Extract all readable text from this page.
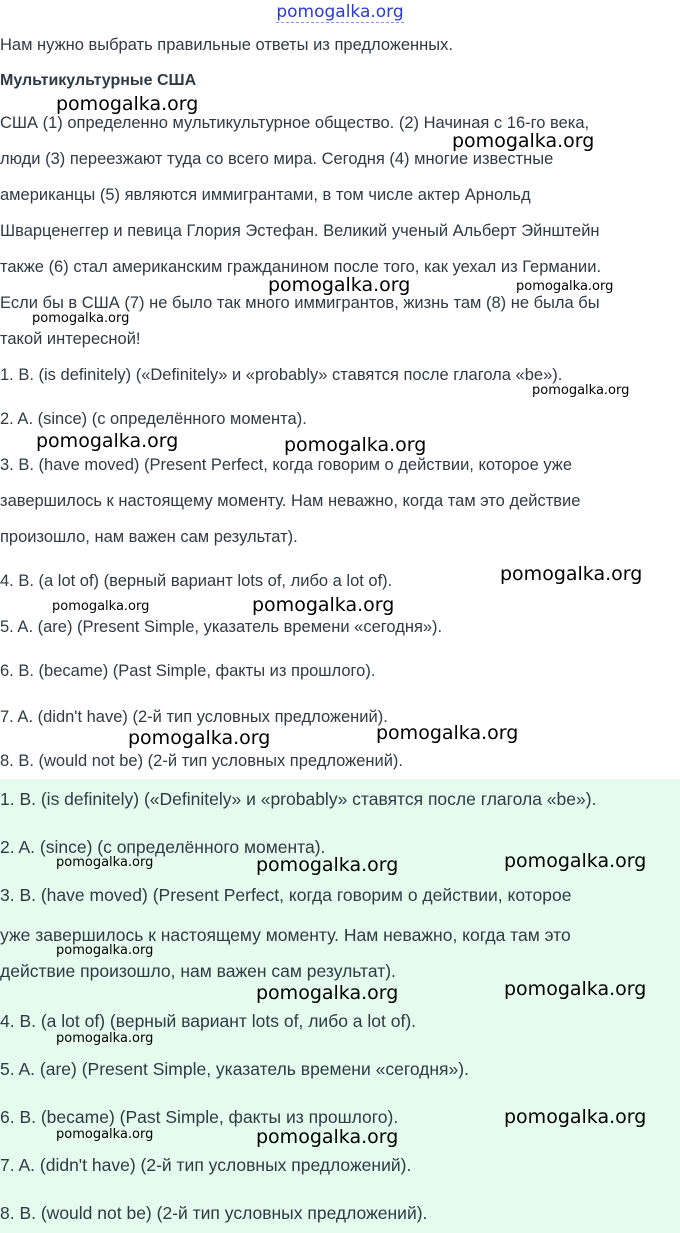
pomogalka.org
Нам нужно выбрать правильные ответы из предложенных.
Мультикультурные США
США (1) определенно мультикультурное общество. (2) Начиная с 16-го века,
люди (3) переезжают туда со всего мира. Сегодня (4) многие известные
американцы (5) являются иммигрантами, в том числе актер Арнольд
Шварценеггер и певица Глория Эстефан. Великий ученый Альберт Эйнштейн
также (6) стал американским гражданином после того, как уехал из Германии.
Если бы в США (7) не было так много иммигрантов, жизнь там (8) не была бы
такой интересной!
1. B. (is definitely) («Definitely» и «probably» ставятся после глагола «be»).
2. A. (since) (с определённого момента).
3. B. (have moved) (Present Perfect, когда говорим о действии, которое уже
завершилось к настоящему моменту. Нам неважно, когда там это действие
произошло, нам важен сам результат).
4. B. (a lot of) (верный вариант lots of, либо a lot of).
5. A. (are) (Present Simple, указатель времени «сегодня»).
6. B. (became) (Past Simple, факты из прошлого).
7. A. (didn't have) (2-й тип условных предложений).
8. B. (would not be) (2-й тип условных предложений).
1. B. (is definitely) («Definitely» и «probably» ставятся после глагола «be»).
2. A. (since) (с определённого момента).
3. B. (have moved) (Present Perfect, когда говорим о действии, которое
уже завершилось к настоящему моменту. Нам неважно, когда там это
действие произошло, нам важен сам результат).
4. B. (a lot of) (верный вариант lots of, либо a lot of).
5. A. (are) (Present Simple, указатель времени «сегодня»).
6. B. (became) (Past Simple, факты из прошлого).
7. A. (didn't have) (2-й тип условных предложений).
8. B. (would not be) (2-й тип условных предложений).
pomogalka.org
pomogalka.org
pomogalka.org	pomogalka.org
pomogalka.org
pomogalka.org
pomogalka.org	pomogalka.org
pomogalka.org
pomogalka.org	pomogalka.org
pomogalka.org	pomogalka.org
pomogalka.org	pomogalka.org	pomogalka.org
pomogalka.org
pomogalka.org	pomogalka.org
pomogalka.org
pomogalka.org
pomogalka.org	pomogalka.org
